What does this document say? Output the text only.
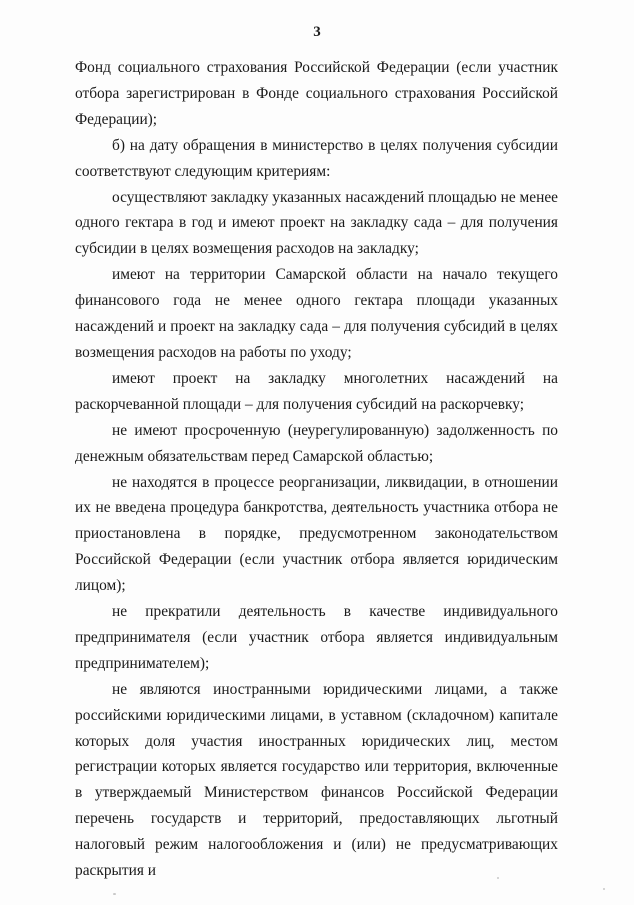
3

Фонд социального страхования Российской Федерации (если участник отбора зарегистрирован в Фонде социального страхования Российской Федерации);

б) на дату обращения в министерство в целях получения субсидии соответствуют следующим критериям:

осуществляют закладку указанных насаждений площадью не менее одного гектара в год и имеют проект на закладку сада – для получения субсидии в целях возмещения расходов на закладку;

имеют на территории Самарской области на начало текущего финансового года не менее одного гектара площади указанных насаждений и проект на закладку сада – для получения субсидий в целях возмещения расходов на работы по уходу;

имеют проект на закладку многолетних насаждений на раскорчеванной площади – для получения субсидий на раскорчевку;

не имеют просроченную (неурегулированную) задолженность по денежным обязательствам перед Самарской областью;

не находятся в процессе реорганизации, ликвидации, в отношении их не введена процедура банкротства, деятельность участника отбора не приостановлена в порядке, предусмотренном законодательством Российской Федерации (если участник отбора является юридическим лицом);

не прекратили деятельность в качестве индивидуального предпринимателя (если участник отбора является индивидуальным предпринимателем);

не являются иностранными юридическими лицами, а также российскими юридическими лицами, в уставном (складочном) капитале которых доля участия иностранных юридических лиц, местом регистрации которых является государство или территория, включенные в утверждаемый Министерством финансов Российской Федерации перечень государств и территорий, предоставляющих льготный налоговый режим налогообложения и (или) не предусматривающих раскрытия и
